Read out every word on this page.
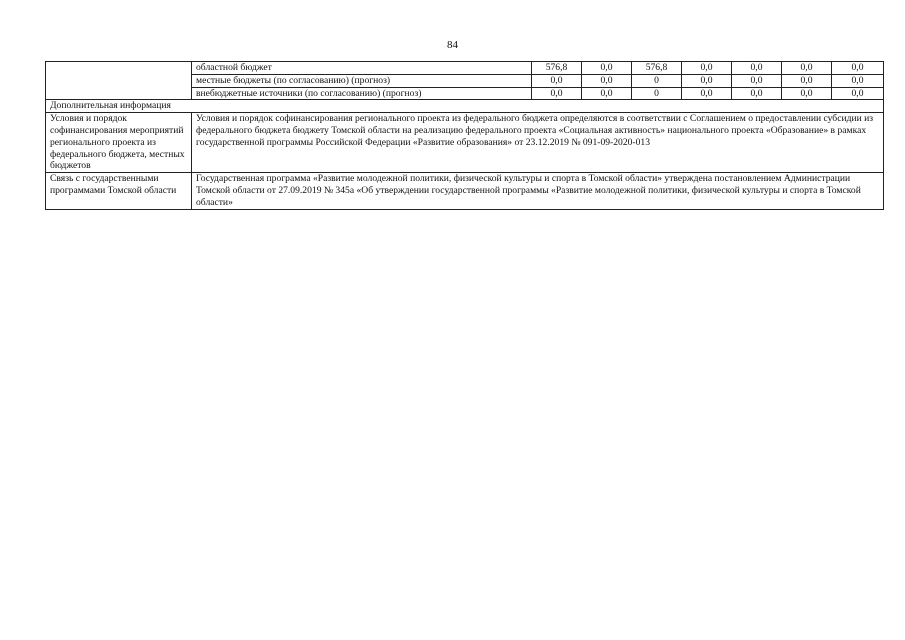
84
	областной бюджет	576,8	0,0	576,8	0,0	0,0	0,0	0,0
	местные бюджеты (по согласованию) (прогноз)	0,0	0,0	0	0,0	0,0	0,0	0,0
	внебюджетные источники (по согласованию) (прогноз)	0,0	0,0	0	0,0	0,0	0,0	0,0
Дополнительная информация								
Условия и порядок софинансирования мероприятий регионального проекта из федерального бюджета, местных бюджетов	Условия и порядок софинансирования регионального проекта из федерального бюджета определяются в соответствии с Соглашением о предоставлении субсидии из федерального бюджета бюджету Томской области на реализацию федерального проекта «Социальная активность» национального проекта «Образование» в рамках государственной программы Российской Федерации «Развитие образования» от 23.12.2019 № 091-09-2020-013							
Связь с государственными программами Томской области	Государственная программа «Развитие молодежной политики, физической культуры и спорта в Томской области» утверждена постановлением Администрации Томской области от 27.09.2019 № 345а «Об утверждении государственной программы «Развитие молодежной политики, физической культуры и спорта в Томской области»							
